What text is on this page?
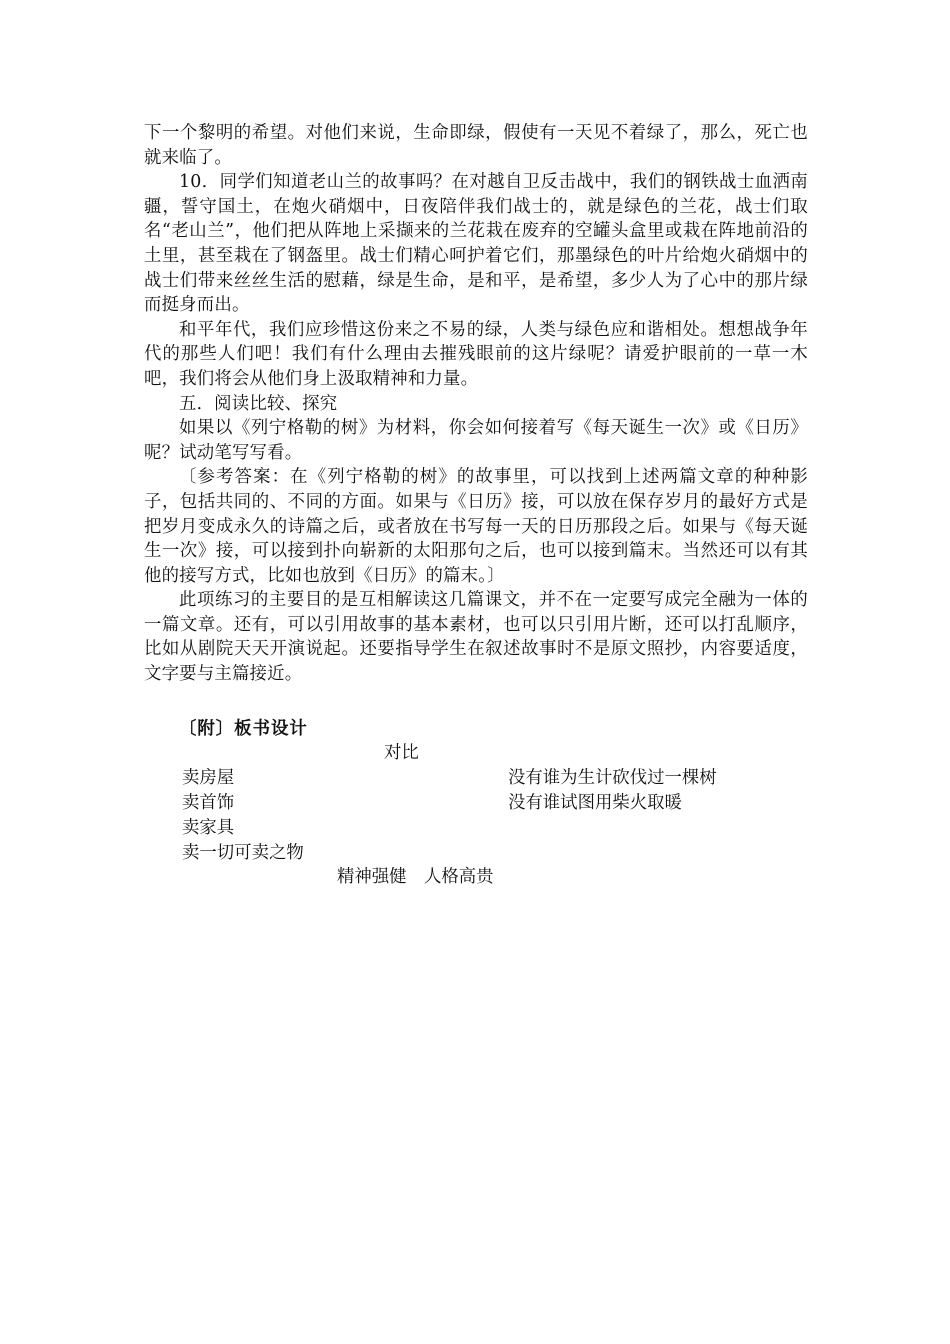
下一个黎明的希望。对他们来说，生命即绿，假使有一天见不着绿了，那么，死亡也就来临了。

10．同学们知道老山兰的故事吗？在对越自卫反击战中，我们的钢铁战士血洒南疆，誓守国土，在炮火硝烟中，日夜陪伴我们战士的，就是绿色的兰花，战士们取名“老山兰”，他们把从阵地上采撷来的兰花栽在废弃的空罐头盒里或栽在阵地前沿的土里，甚至栽在了钢盔里。战士们精心呵护着它们，那墨绿色的叶片给炮火硝烟中的战士们带来丝丝生活的慰藉，绿是生命，是和平，是希望，多少人为了心中的那片绿而挺身而出。

和平年代，我们应珍惜这份来之不易的绿，人类与绿色应和谐相处。想想战争年代的那些人们吧！我们有什么理由去摧残眼前的这片绿呢？请爱护眼前的一草一木吧，我们将会从他们身上汲取精神和力量。

五．阅读比较、探究

如果以《列宁格勒的树》为材料，你会如何接着写《每天诞生一次》或《日历》呢？试动笔写写看。

〔参考答案：在《列宁格勒的树》的故事里，可以找到上述两篇文章的种种影子，包括共同的、不同的方面。如果与《日历》接，可以放在保存岁月的最好方式是把岁月变成永久的诗篇之后，或者放在书写每一天的日历那段之后。如果与《每天诞生一次》接，可以接到扑向崭新的太阳那句之后，也可以接到篇末。当然还可以有其他的接写方式，比如也放到《日历》的篇末。〕

此项练习的主要目的是互相解读这几篇课文，并不在一定要写成完全融为一体的一篇文章。还有，可以引用故事的基本素材，也可以只引用片断，还可以打乱顺序，比如从剧院天天开演说起。还要指导学生在叙述故事时不是原文照抄，内容要适度，文字要与主篇接近。

〔附〕板书设计

对比
卖房屋
卖首饰
卖家具
卖一切可卖之物
没有谁为生计砍伐过一棵树
没有谁试图用柴火取暖
精神强健　人格高贵
